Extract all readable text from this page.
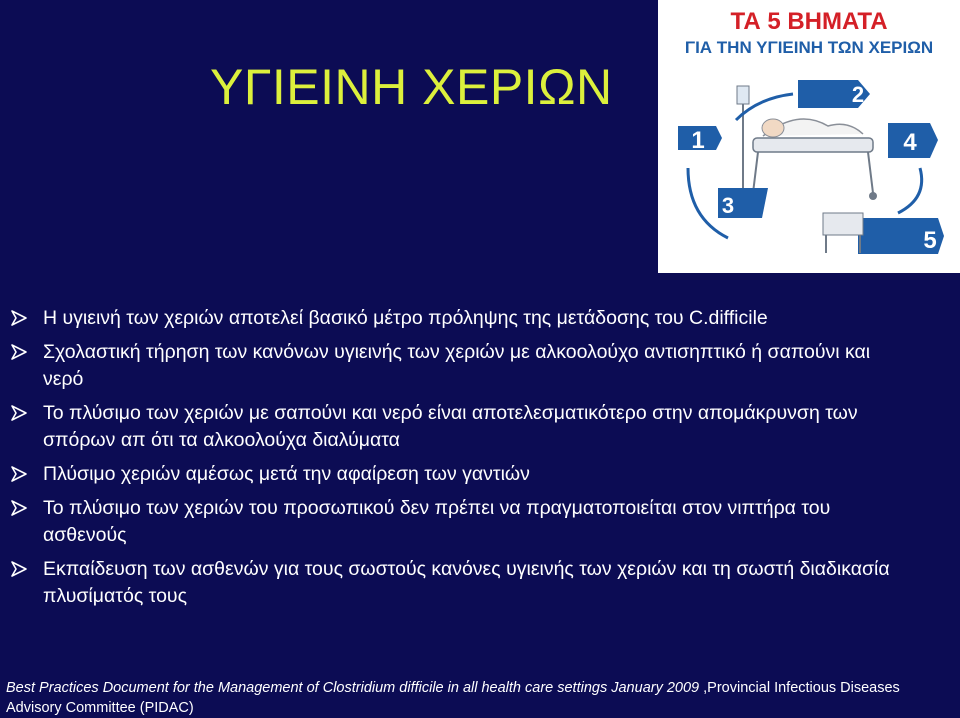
ΥΓΙΕΙΝΗ ΧΕΡΙΩΝ
ΤΑ 5 ΒΗΜΑΤΑ
ΓΙΑ ΤΗΝ ΥΓΙΕΙΝΗ ΤΩΝ ΧΕΡΙΩΝ
1
2
3
4
5
Η υγιεινή των χεριών αποτελεί βασικό μέτρο πρόληψης της μετάδοσης του C.difficile
Σχολαστική τήρηση των κανόνων υγιεινής των χεριών με αλκοολούχο αντισηπτικό ή σαπούνι και νερό
Το πλύσιμο των χεριών με σαπούνι και νερό είναι αποτελεσματικότερο στην απομάκρυνση των σπόρων απ ότι τα αλκοολούχα διαλύματα
Πλύσιμο χεριών αμέσως μετά την αφαίρεση των γαντιών
Το πλύσιμο των χεριών του προσωπικού δεν πρέπει να πραγματοποιείται στον νιπτήρα του ασθενούς
Εκπαίδευση των ασθενών για τους σωστούς κανόνες υγιεινής των χεριών και τη σωστή διαδικασία πλυσίματός τους
Best Practices Document for the Management of Clostridium difficile in all health care settings January 2009 ,Provincial Infectious Diseases Advisory Committee (PIDAC)
